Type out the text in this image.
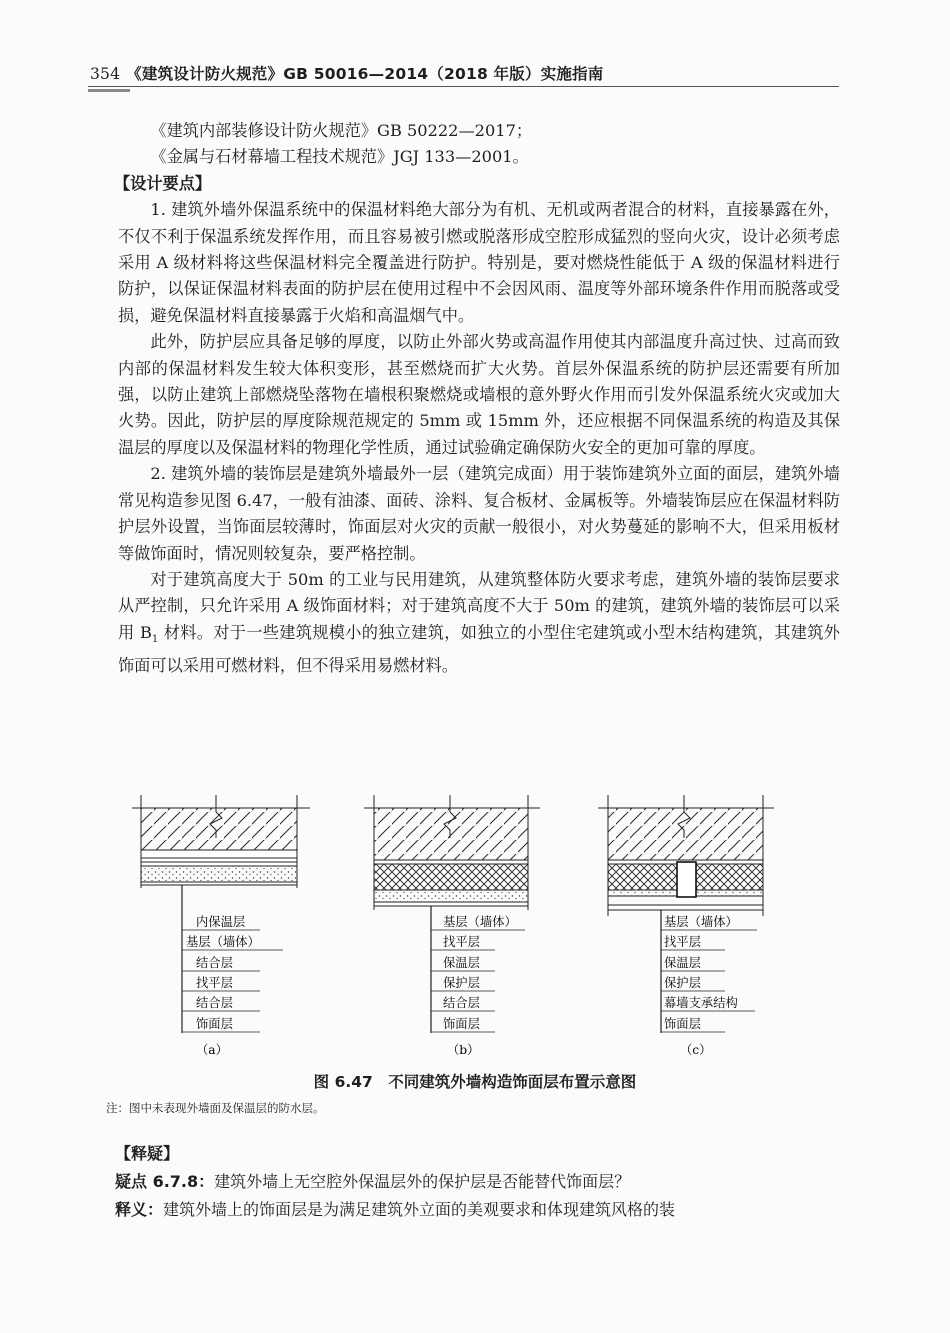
354 《建筑设计防火规范》GB 50016—2014（2018 年版）实施指南

《建筑内部装修设计防火规范》GB 50222—2017；

《金属与石材幕墙工程技术规范》JGJ 133—2001。

【设计要点】

1. 建筑外墙外保温系统中的保温材料绝大部分为有机、无机或两者混合的材料，直接暴露在外，不仅不利于保温系统发挥作用，而且容易被引燃或脱落形成空腔形成猛烈的竖向火灾，设计必须考虑采用 A 级材料将这些保温材料完全覆盖进行防护。特别是，要对燃烧性能低于 A 级的保温材料进行防护，以保证保温材料表面的防护层在使用过程中不会因风雨、温度等外部环境条件作用而脱落或受损，避免保温材料直接暴露于火焰和高温烟气中。

此外，防护层应具备足够的厚度，以防止外部火势或高温作用使其内部温度升高过快、过高而致内部的保温材料发生较大体积变形，甚至燃烧而扩大火势。首层外保温系统的防护层还需要有所加强，以防止建筑上部燃烧坠落物在墙根积聚燃烧或墙根的意外野火作用而引发外保温系统火灾或加大火势。因此，防护层的厚度除规范规定的 5mm 或 15mm 外，还应根据不同保温系统的构造及其保温层的厚度以及保温材料的物理化学性质，通过试验确定确保防火安全的更加可靠的厚度。

2. 建筑外墙的装饰层是建筑外墙最外一层（建筑完成面）用于装饰建筑外立面的面层，建筑外墙常见构造参见图 6.47，一般有油漆、面砖、涂料、复合板材、金属板等。外墙装饰层应在保温材料防护层外设置，当饰面层较薄时，饰面层对火灾的贡献一般很小，对火势蔓延的影响不大，但采用板材等做饰面时，情况则较复杂，要严格控制。

对于建筑高度大于 50m 的工业与民用建筑，从建筑整体防火要求考虑，建筑外墙的装饰层要求从严控制，只允许采用 A 级饰面材料；对于建筑高度不大于 50m 的建筑，建筑外墙的装饰层可以采用 $B_1$ 材料。对于一些建筑规模小的独立建筑，如独立的小型住宅建筑或小型木结构建筑，其建筑外饰面可以采用可燃材料，但不得采用易燃材料。

内保温层
基层（墙体）
结合层
找平层
结合层
饰面层
（a）
基层（墙体）
找平层
保温层
保护层
结合层
饰面层
（b）
基层（墙体）
找平层
保温层
保护层
幕墙支承结构
饰面层
（c）
图 6.47　不同建筑外墙构造饰面层布置示意图
注：图中未表现外墙面及保温层的防水层。

【释疑】

疑点 6.7.8：建筑外墙上无空腔外保温层外的保护层是否能替代饰面层？

释义：建筑外墙上的饰面层是为满足建筑外立面的美观要求和体现建筑风格的装
